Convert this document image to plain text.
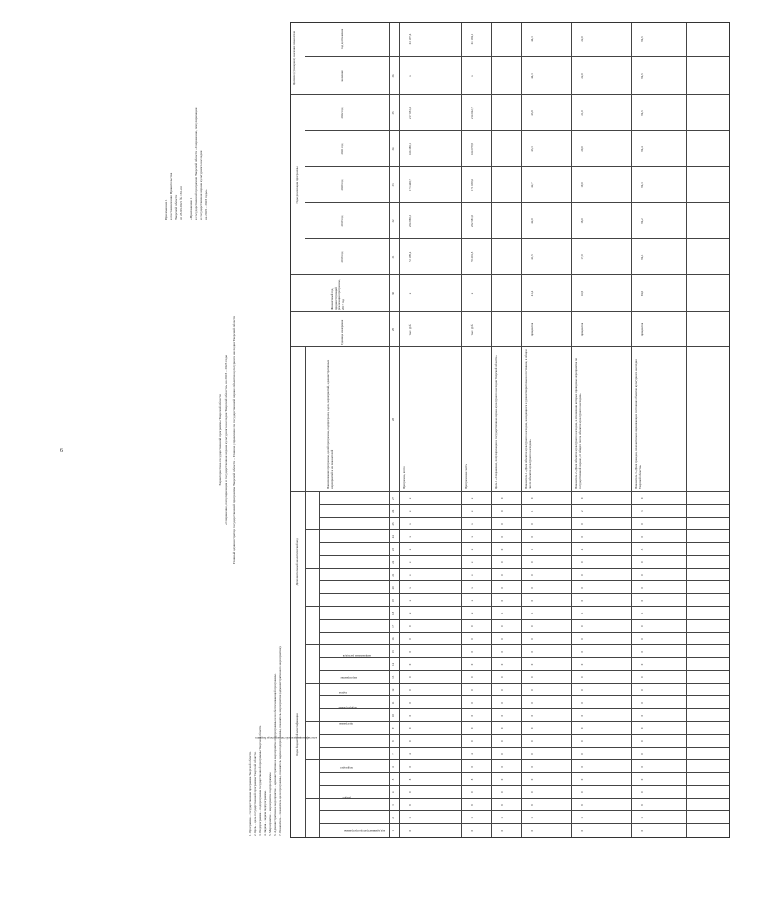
6
Приложение 1 к постановлению Правительства Тверской области от 23.03.2021 № 161-пп «Приложение 1 к государственной программе Тверской области «Сохранение, популяризация и государственная охрана культурного наследия на 2018 – 2023 годы»
Характеристика государственной программы Тверской области «Сохранение, популяризация и государственная охрана культурного наследия Тверской области» на 2018 – 2023 годы Главный администратор государственной программы Тверской области – Главное управление по государственной охране объектов культурного наследия Тверской области
1. Программа – государственная программа Тверской области. 2. Цель – цель государственной программы Тверской области. 3. Подпрограмма – подпрограмма государственной программы Тверской области. 4. Задача – задача подпрограммы. 5. Мероприятие – мероприятие подпрограммы. 6. Административное мероприятие – административное мероприятие подпрограммы или обеспечивающей программы. 7. Показатель – показатель цели программы, показатель задачи подпрограммы, показатель мероприятия (административного мероприятия).	Коды бюджетной классификации
Дополнительный аналитический код
Наименование программы, целей программы, подпрограмм, задач, мероприятий, административных мероприятий и их показателей
Единица измерения
Финансовый год, предшествующий реализации программы, 2017 год
Годы реализации программы
Целевое (суммарное) значение показателя	значение
год достижения
2018 год
2019 год
2020 год
2021 год
2022 год
код администратора программы
раздел
подраздел
классификация целевой статьи расхода бюджета
программа
подпрограмма
задача
мероприятие
направление расходов
1
2
3
4
5
6
7
8
9
10
11
12
13
14
15
16
17
18
19
20
21
22
23
24
25
26
27
28
29
30
31
32
33
34
35
36
0
1
8
0
8
0
4
0
0
0
0
0
0
0
0
0
0
x
x
x
x
x
x
x
x
x
x
Программа, всего
тыс. руб.
x
72 199,2
254 980,3
173 448,7
166 380,1
217 053,2
x
63 197,6
0
1
8
0
8
0
4
0
0
0
0
0
0
0
0
0
0
x
x
x
x
x
x
x
x
x
x
Программная часть
тыс. руб.
x
70 201,5
252 581,0
171 039,6
164 079,9
214 022,7
x
61 194,1
0
1
8
0
0
0
0
0
0
0
0
0
0
0
0
0
0
1
0
0
0
0
0
0
0
0
0
Цель 1 «Сохранение, популяризация и государственная охрана культурного наследия Тверской области»
0
1
8
0
0
0
0
0
0
0
0
0
0
0
0
0
0
1
0
0
0
0
1
0
0
1
0
Показатель 1 «Доля объектов культурного наследия, находящихся в удовлетворительном состоянии, в общем числе объектов культурного наследия»
процентов
41,4
41,5
42,0
42,7
43,3
43,8
44,3
44,3
0
1
8
0
0
0
0
0
0
0
0
0
0
0
0
0
0
1
0
0
0
0
2
0
0
2
0
Показатель 2 «Доля объектов культурного наследия, в отношении которых проведены мероприятия по государственной охране, от общего числа объектов культурного наследия»
процентов
16,9
17,0
18,0
19,0
20,0
21,0
22,0
22,0
0
1
8
0
0
0
0
0
0
0
0
0
0
0
0
0
0
1
0
0
0
0
3
0
0
3
0
Показатель 3 «Доля граждан, положительно оценивающих состояние объектов культурного наследия Тверской области»
процентов
94,0
94,1
94,2
94,3
94,4
94,5
94,5
94,5
